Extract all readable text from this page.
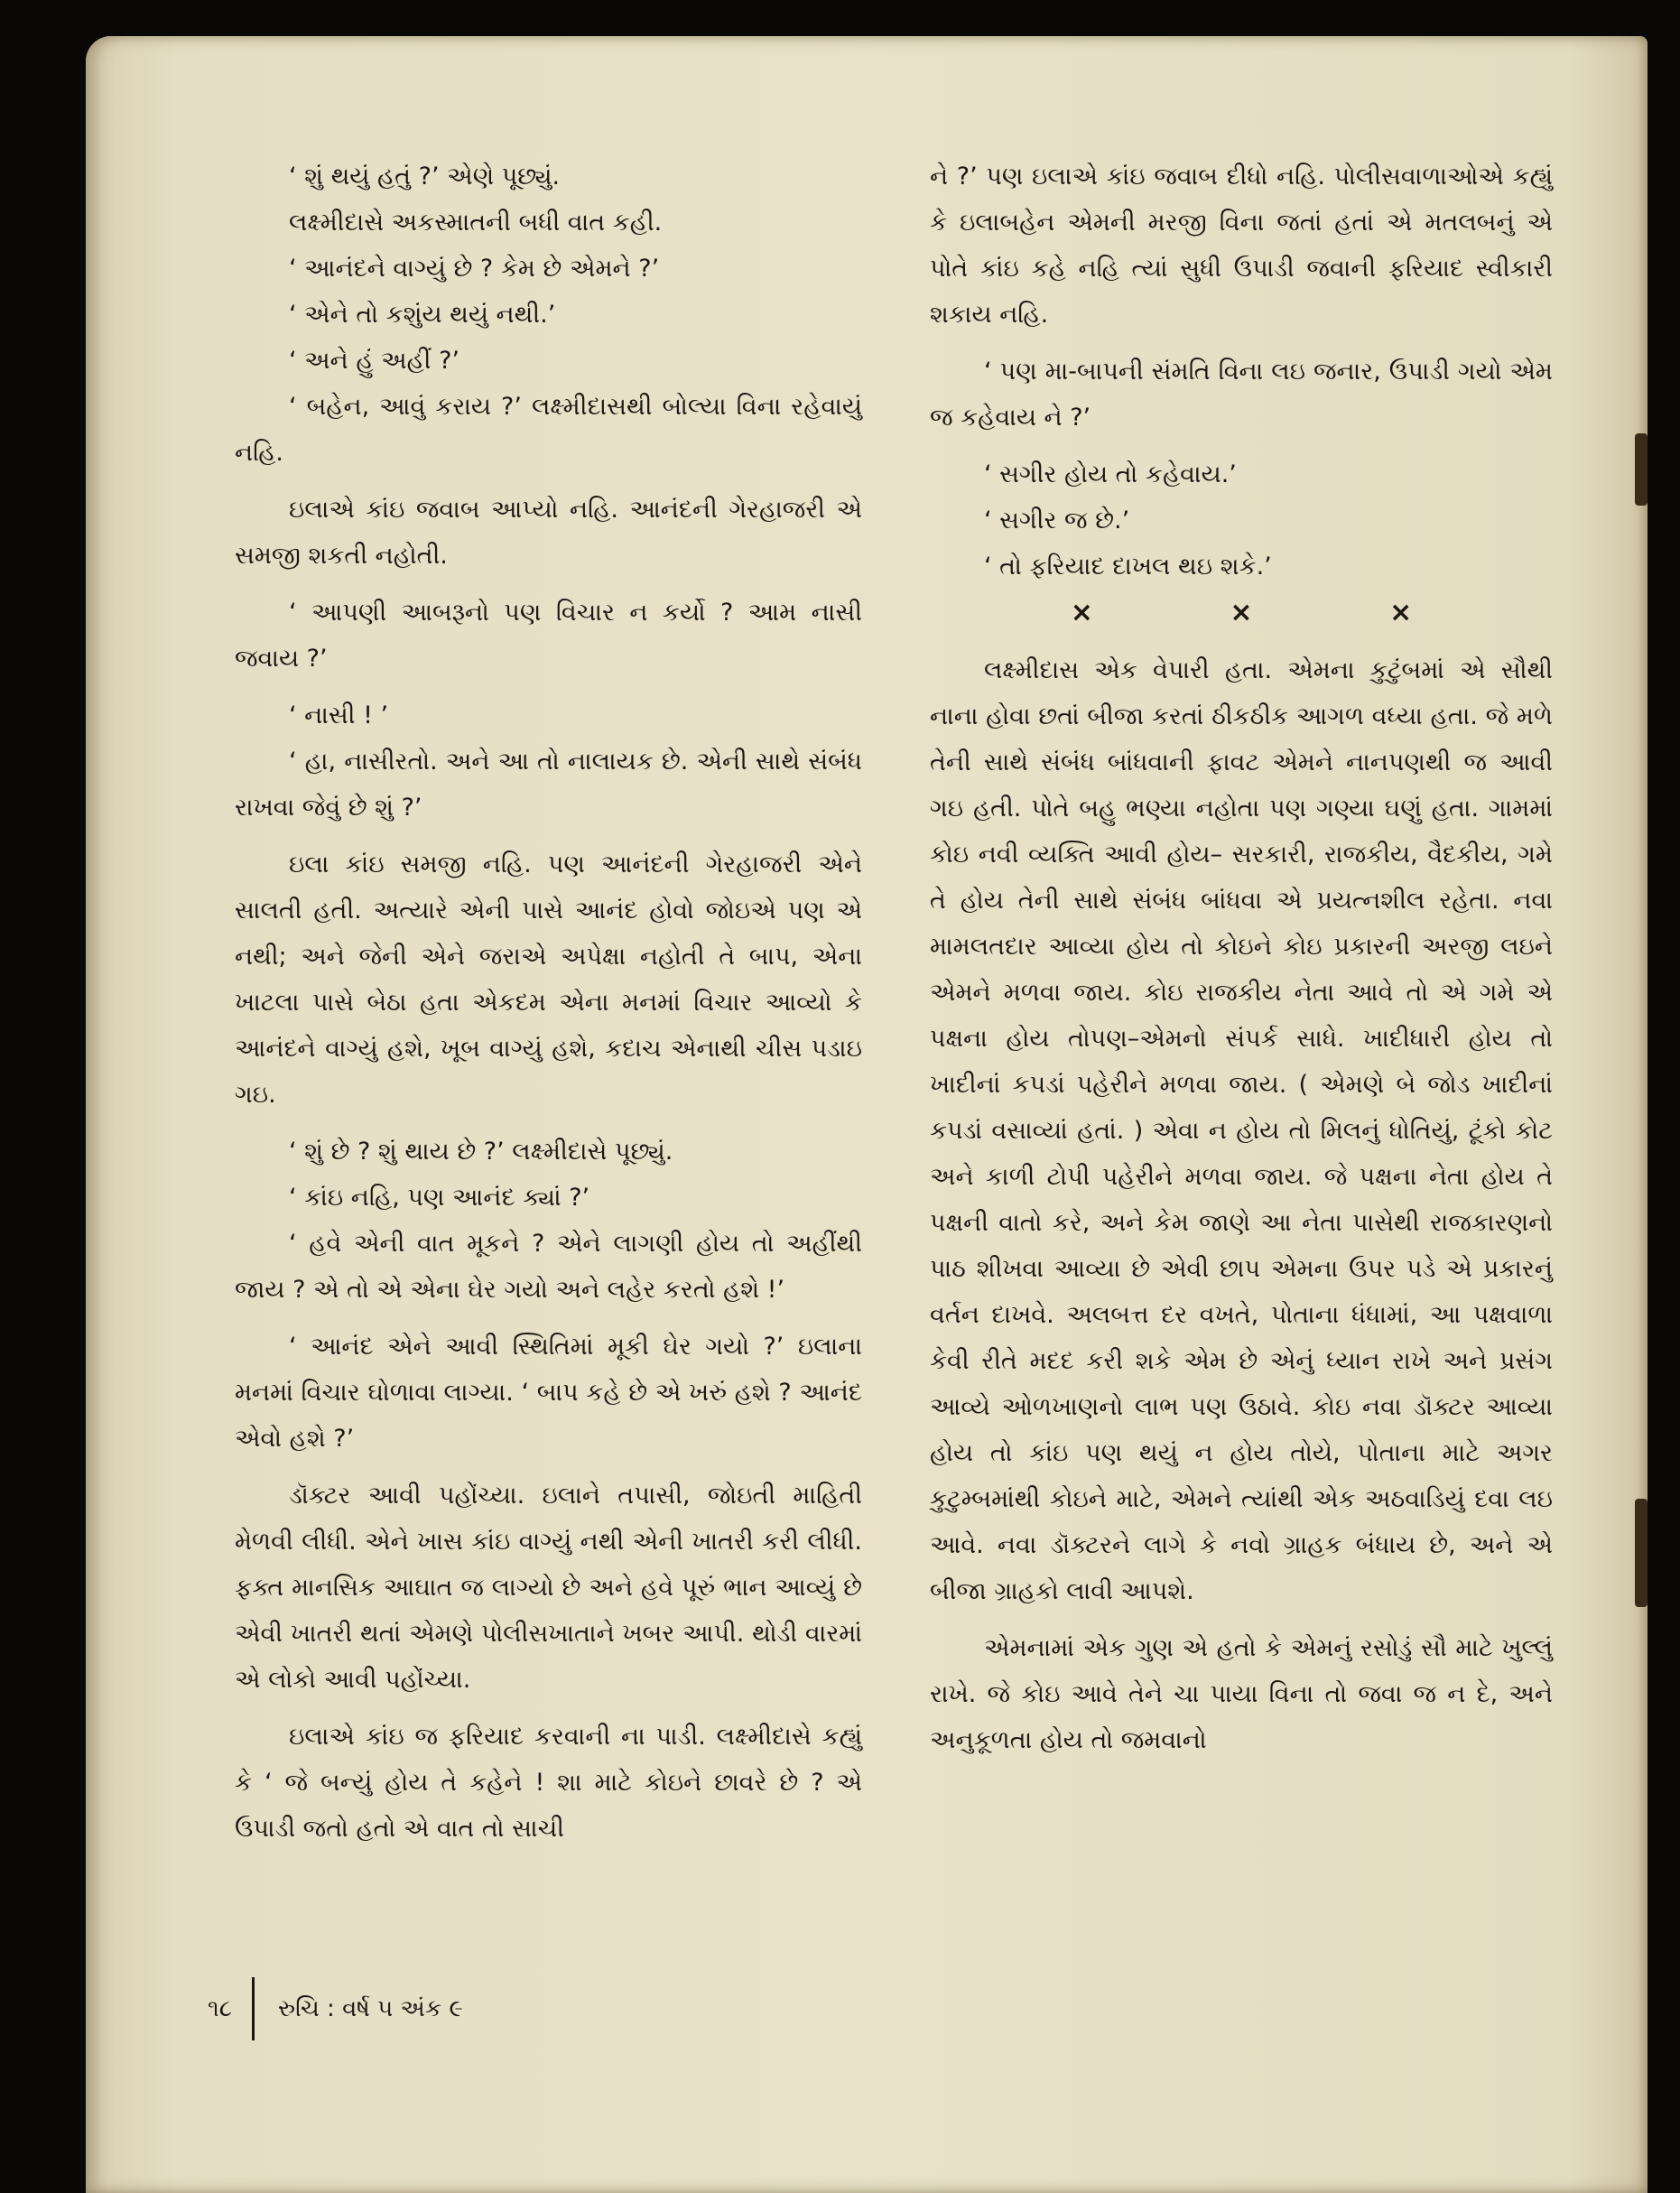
‘ શું થયું હતું ?’ એણે પૂછ્યું.

લક્ષ્મીદાસે અકસ્માતની બધી વાત કહી.

‘ આનંદને વાગ્યું છે ? કેમ છે એમને ?’

‘ એને તો કશુંય થયું નથી.’

‘ અને હું અહીં ?’

‘ બહેન, આવું કરાય ?’ લક્ષ્મીદાસથી બોલ્યા વિના રહેવાયું નહિ.

ઇલાએ કાંઇ જવાબ આપ્યો નહિ. આનંદની ગેરહાજરી એ સમજી શકતી નહોતી.

‘ આપણી આબરૂનો પણ વિચાર ન કર્યો ? આમ નાસી જવાય ?’

‘ નાસી ! ’

‘ હા, નાસીરતો. અને આ તો નાલાયક છે. એની સાથે સંબંધ રાખવા જેવું છે શું ?’

ઇલા કાંઇ સમજી નહિ. પણ આનંદની ગેરહાજરી એને સાલતી હતી. અત્યારે એની પાસે આનંદ હોવો જોઇએ પણ એ નથી; અને જેની એને જરાએ અપેક્ષા નહોતી તે બાપ, એના ખાટલા પાસે બેઠા હતા એકદમ એના મનમાં વિચાર આવ્યો કે આનંદને વાગ્યું હશે, ખૂબ વાગ્યું હશે, કદાચ એનાથી ચીસ પડાઇ ગઇ.

‘ શું છે ? શું થાય છે ?’ લક્ષ્મીદાસે પૂછ્યું.

‘ કાંઇ નહિ, પણ આનંદ ક્યાં ?’

‘ હવે એની વાત મૂકને ? એને લાગણી હોય તો અહીંથી જાય ? એ તો એ એના ઘેર ગયો અને લહેર કરતો હશે !’

‘ આનંદ એને આવી સ્થિતિમાં મૂકી ઘેર ગયો ?’ ઇલાના મનમાં વિચાર ઘોળાવા લાગ્યા. ‘ બાપ કહે છે એ ખરું હશે ? આનંદ એવો હશે ?’

ડૉક્ટર આવી પહોંચ્યા. ઇલાને તપાસી, જોઇતી માહિતી મેળવી લીધી. એને ખાસ કાંઇ વાગ્યું નથી એની ખાતરી કરી લીધી. ફક્ત માનસિક આઘાત જ લાગ્યો છે અને હવે પૂરું ભાન આવ્યું છે એવી ખાતરી થતાં એમણે પોલીસખાતાને ખબર આપી. થોડી વારમાં એ લોકો આવી પહોંચ્યા.

ઇલાએ કાંઇ જ ફરિયાદ કરવાની ના પાડી. લક્ષ્મીદાસે કહ્યું કે ‘ જે બન્યું હોય તે કહેને ! શા માટે કોઇને છાવરે છે ? એ ઉપાડી જતો હતો એ વાત તો સાચી

ને ?’ પણ ઇલાએ કાંઇ જવાબ દીધો નહિ. પોલીસવાળાઓએ કહ્યું કે ઇલાબહેન એમની મરજી વિના જતાં હતાં એ મતલબનું એ પોતે કાંઇ કહે નહિ ત્યાં સુધી ઉપાડી જવાની ફરિયાદ સ્વીકારી શકાય નહિ.

‘ પણ મા-બાપની સંમતિ વિના લઇ જનાર, ઉપાડી ગયો એમ જ કહેવાય ને ?’

‘ સગીર હોય તો કહેવાય.’

‘ સગીર જ છે.’

‘ તો ફરિયાદ દાખલ થઇ શકે.’

×	×	×

લક્ષ્મીદાસ એક વેપારી હતા. એમના કુટુંબમાં એ સૌથી નાના હોવા છતાં બીજા કરતાં ઠીકઠીક આગળ વધ્યા હતા. જે મળે તેની સાથે સંબંધ બાંધવાની ફાવટ એમને નાનપણથી જ આવી ગઇ હતી. પોતે બહુ ભણ્યા નહોતા પણ ગણ્યા ઘણું હતા. ગામમાં કોઇ નવી વ્યક્તિ આવી હોય– સરકારી, રાજકીય, વૈદકીય, ગમે તે હોય તેની સાથે સંબંધ બાંધવા એ પ્રયત્નશીલ રહેતા. નવા મામલતદાર આવ્યા હોય તો કોઇને કોઇ પ્રકારની અરજી લઇને એમને મળવા જાય. કોઇ રાજકીય નેતા આવે તો એ ગમે એ પક્ષના હોય તોપણ–એમનો સંપર્ક સાધે. ખાદીધારી હોય તો ખાદીનાં કપડાં પહેરીને મળવા જાય. ( એમણે બે જોડ ખાદીનાં કપડાં વસાવ્યાં હતાં. ) એવા ન હોય તો મિલનું ધોતિયું, ટૂંકો કોટ અને કાળી ટોપી પહેરીને મળવા જાય. જે પક્ષના નેતા હોય તે પક્ષની વાતો કરે, અને કેમ જાણે આ નેતા પાસેથી રાજકારણનો પાઠ શીખવા આવ્યા છે એવી છાપ એમના ઉપર પડે એ પ્રકારનું વર્તન દાખવે. અલબત્ત દર વખતે, પોતાના ધંધામાં, આ પક્ષવાળા કેવી રીતે મદદ કરી શકે એમ છે એનું ધ્યાન રાખે અને પ્રસંગ આવ્યે ઓળખાણનો લાભ પણ ઉઠાવે. કોઇ નવા ડૉક્ટર આવ્યા હોય તો કાંઇ પણ થયું ન હોય તોયે, પોતાના માટે અગર કુટુમ્બમાંથી કોઇને માટે, એમને ત્યાંથી એક અઠવાડિયું દવા લઇ આવે. નવા ડૉક્ટરને લાગે કે નવો ગ્રાહક બંધાય છે, અને એ બીજા ગ્રાહકો લાવી આપશે.

એમનામાં એક ગુણ એ હતો કે એમનું રસોડું સૌ માટે ખુલ્લું રાખે. જે કોઇ આવે તેને ચા પાયા વિના તો જવા જ ન દે, અને અનુકૂળતા હોય તો જમવાનો

૧૮ રુચિ : વર્ષ ૫ અંક ૯
